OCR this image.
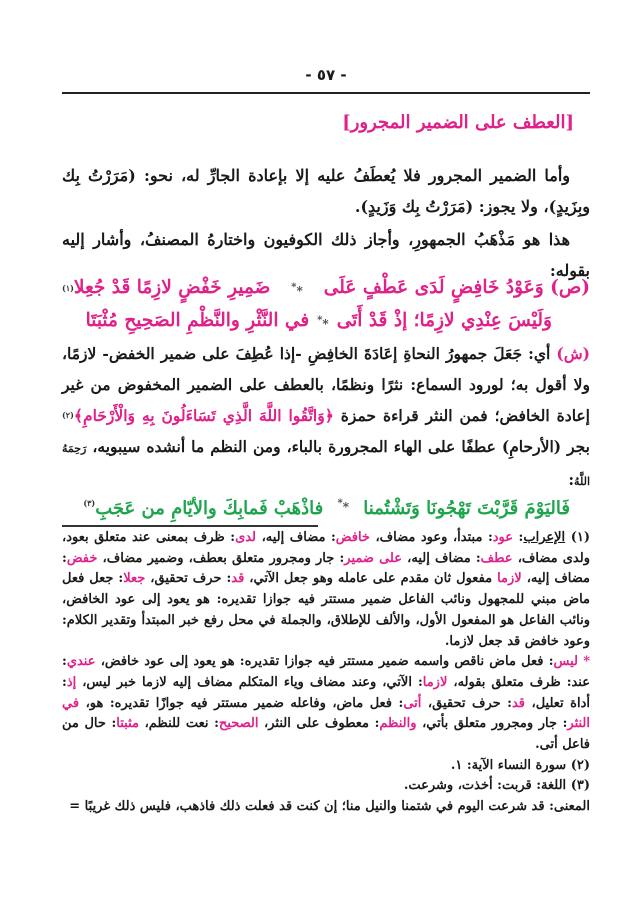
- ٥٧ -
[العطف على الضمير المجرور]

وأما الضمير المجرور فلا يُعطَفُ عليه إلا بإعادة الجارِّ له، نحو: (مَرَرْتُ بِك وبِزَيدٍ)، ولا يجوز: (مَرَرْتُ بِك وَزَيدٍ).

هذا هو مَذْهَبُ الجمهورِ، وأجاز ذلك الكوفيون واختارهُ المصنفُ، وأشار إليه بقوله:

(ص) وَعَوْدُ خَافِضٍ لَدَى عَطْفٍ عَلَى
**
ضَمِيرِ خَفْضٍ لازِمًا قَدْ جُعِلا$^{(١)}$
وَلَيْسَ عِنْدِي لازِمًا؛ إذْ قَدْ أَتَى
**
في النَّثْرِ والنَّظْمِ الصَحِيحِ مُثْبَتَا
(ش) أي: جَعَلَ جمهورُ النحاةِ إعَادَةَ الخافِضِ -إذا عُطِفَ على ضمير الخفض- لازمًا، ولا أقول به؛ لورود السماع: نثرًا ونظمًا، بالعطف على الضمير المخفوض من غير إعادة الخافض؛ فمن النثر قراءة حمزة ﴿وَاتَّقُوا اللَّهَ الَّذِي تَسَاءَلُونَ بِهِ وَالْأَرْحَامِ﴾$^{(٢)}$ بجر (الأرحامِ) عطفًا على الهاء المجرورة بالباء، ومن النظم ما أنشده سيبويه، رَحِمَهُ اللَّهُ:
فَاليَوْمَ قَرَّبْتَ تَهْجُونَا وَتَشْتُمنا ** فاذْهَبْ فَمابِكَ والأيّامِ من عَجَبِ$^{(٣)}$

(١) الإعراب: عود: مبتدأ، وعود مضاف، خافض: مضاف إليه، لدى: ظرف بمعنى عند متعلق بعود، ولدى مضاف، عطف: مضاف إليه، على ضمير: جار ومجرور متعلق بعطف، وضمير مضاف، خفض: مضاف إليه، لازما مفعول ثان مقدم على عامله وهو جعل الآتي، قد: حرف تحقيق، جعلا: جعل فعل ماض مبني للمجهول ونائب الفاعل ضمير مستتر فيه جوازا تقديره: هو يعود إلى عود الخافض، ونائب الفاعل هو المفعول الأول، والألف للإطلاق، والجملة في محل رفع خبر المبتدأ وتقدير الكلام: وعود خافض قد جعل لازما.

* ليس: فعل ماض ناقص واسمه ضمير مستتر فيه جوازا تقديره: هو يعود إلى عود خافض، عندي: عند: ظرف متعلق بقوله، لازما: الآتي، وعند مضاف وياء المتكلم مضاف إليه لازما خبر ليس، إذ: أداة تعليل، قد: حرف تحقيق، أتى: فعل ماض، وفاعله ضمير مستتر فيه جوازًا تقديره: هو، في النثر: جار ومجرور متعلق بأتي، والنظم: معطوف على النثر، الصحيح: نعت للنظم، مثبتا: حال من فاعل أتى.

(٢) سورة النساء الآية: ١.

(٣) اللغة: قربت: أخذت، وشرعت.

المعنى: قد شرعت اليوم في شتمنا والنيل منا؛ إن كنت قد فعلت ذلك فاذهب، فليس ذلك غريبًا =
